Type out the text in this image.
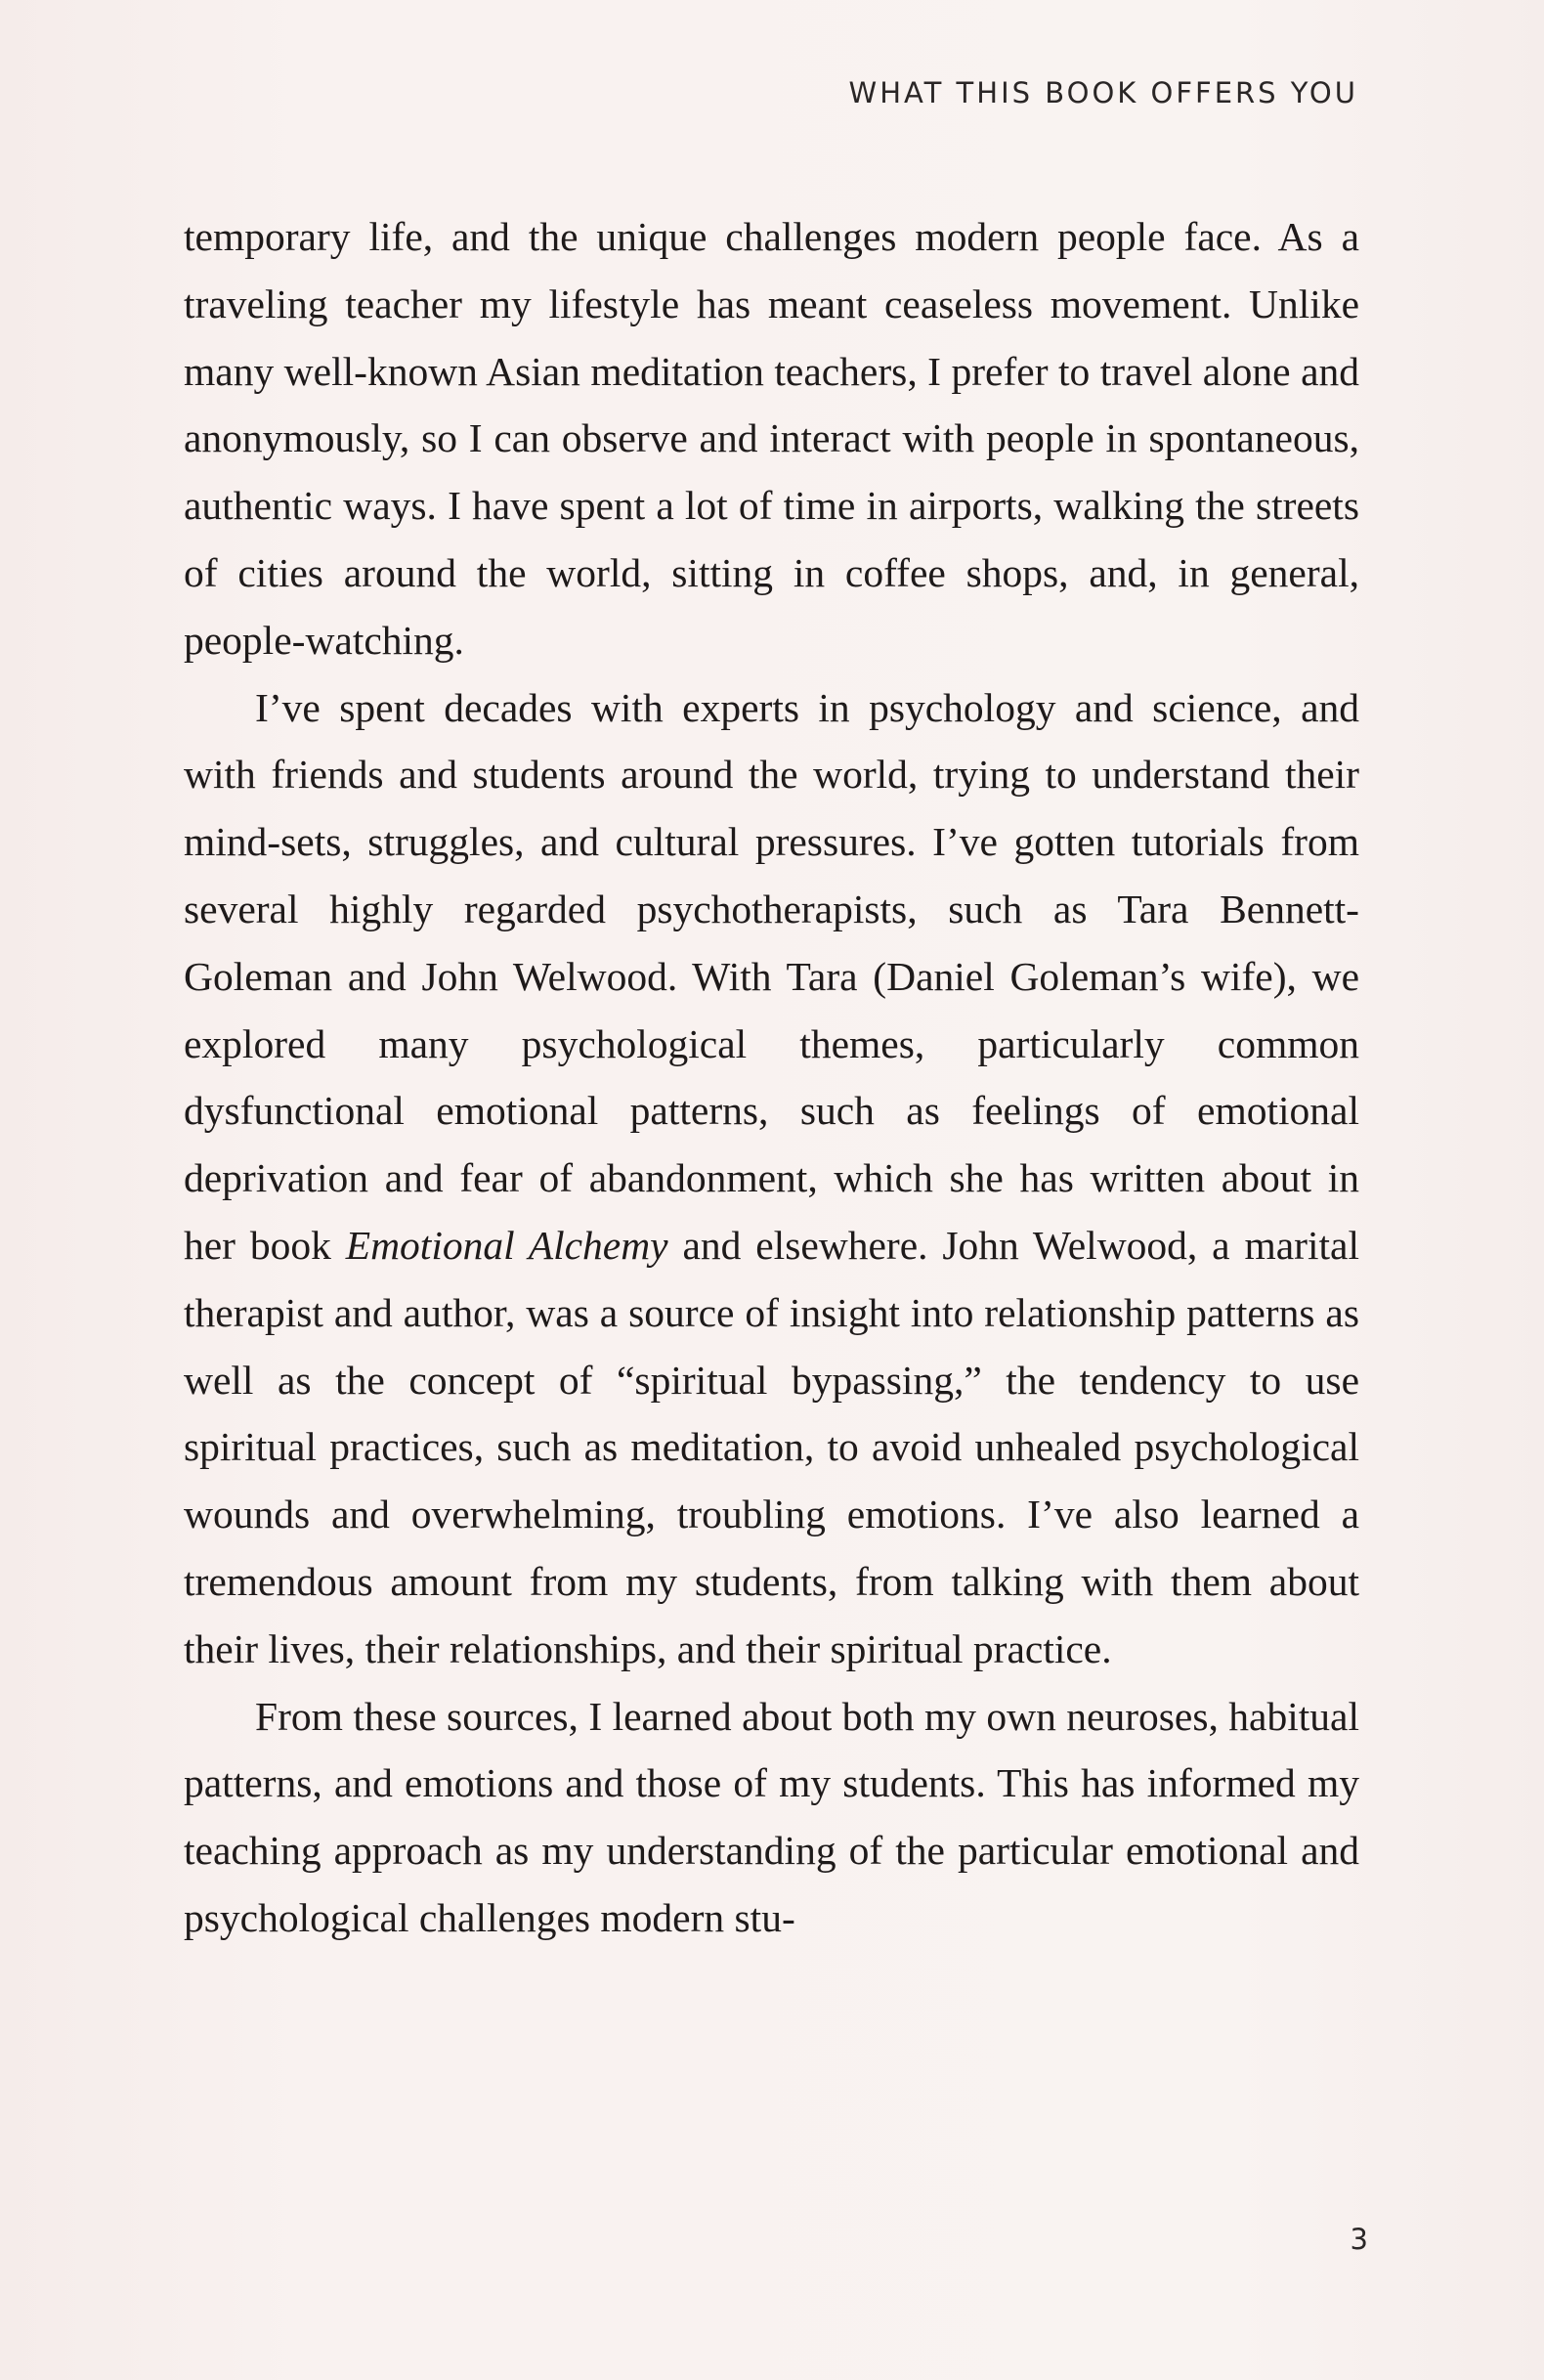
WHAT THIS BOOK OFFERS YOU

temporary life, and the unique challenges modern people face. As a traveling teacher my lifestyle has meant ceaseless movement. Unlike many well-known Asian meditation teachers, I prefer to travel alone and anonymously, so I can observe and interact with people in spontaneous, authentic ways. I have spent a lot of time in airports, walking the streets of cities around the world, sitting in coffee shops, and, in general, people-watching.

I’ve spent decades with experts in psychology and science, and with friends and students around the world, trying to understand their mind-sets, struggles, and cultural pressures. I’ve gotten tutorials from several highly regarded psychotherapists, such as Tara Bennett-Goleman and John Welwood. With Tara (Daniel Goleman’s wife), we explored many psychological themes, particularly common dysfunctional emotional patterns, such as feelings of emotional deprivation and fear of abandonment, which she has written about in her book Emotional Alchemy and elsewhere. John Welwood, a marital therapist and author, was a source of insight into relationship patterns as well as the concept of “spiritual bypassing,” the tendency to use spiritual practices, such as meditation, to avoid unhealed psychological wounds and overwhelming, troubling emotions. I’ve also learned a tremendous amount from my students, from talking with them about their lives, their relationships, and their spiritual practice.

From these sources, I learned about both my own neuroses, habitual patterns, and emotions and those of my students. This has informed my teaching approach as my understanding of the particular emotional and psychological challenges modern stu-

3
